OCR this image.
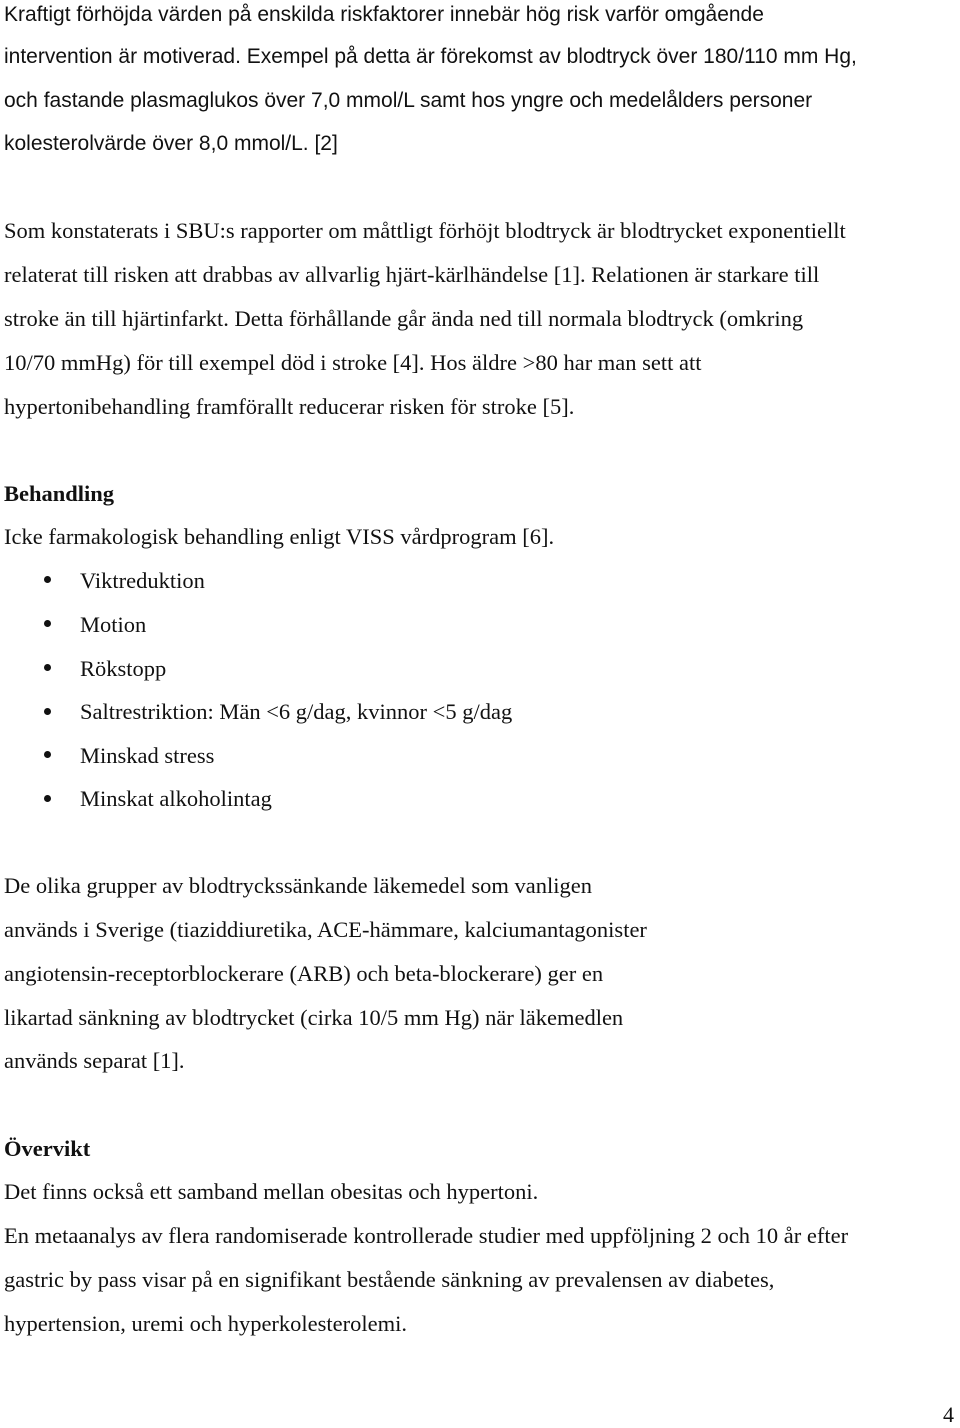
Kraftigt förhöjda värden på enskilda riskfaktorer innebär hög risk varför omgående
intervention är motiverad. Exempel på detta är förekomst av blodtryck över 180/110 mm Hg,
och fastande plasmaglukos över 7,0 mmol/L samt hos yngre och medelålders personer
kolesterolvärde över 8,0 mmol/L. [2]
Som konstaterats i SBU:s rapporter om måttligt förhöjt blodtryck är blodtrycket exponentiellt
relaterat till risken att drabbas av allvarlig hjärt-kärlhändelse [1]. Relationen är starkare till
stroke än till hjärtinfarkt. Detta förhållande går ända ned till normala blodtryck (omkring
10/70 mmHg) för till exempel död i stroke [4]. Hos äldre >80 har man sett att
hypertonibehandling framförallt reducerar risken för stroke [5].
Behandling
Icke farmakologisk behandling enligt VISS vårdprogram [6].
Viktreduktion
Motion
Rökstopp
Saltrestriktion: Män <6 g/dag, kvinnor <5 g/dag
Minskad stress
Minskat alkoholintag
De olika grupper av blodtryckssänkande läkemedel som vanligen
används i Sverige (tiaziddiuretika, ACE-hämmare, kalciumantagonister
angiotensin-receptorblockerare (ARB) och beta-blockerare) ger en
likartad sänkning av blodtrycket (cirka 10/5 mm Hg) när läkemedlen
används separat [1].
Övervikt
Det finns också ett samband mellan obesitas och hypertoni.
En metaanalys av flera randomiserade kontrollerade studier med uppföljning 2 och 10 år efter
gastric by pass visar på en signifikant bestående sänkning av prevalensen av diabetes,
hypertension, uremi och hyperkolesterolemi.
4
